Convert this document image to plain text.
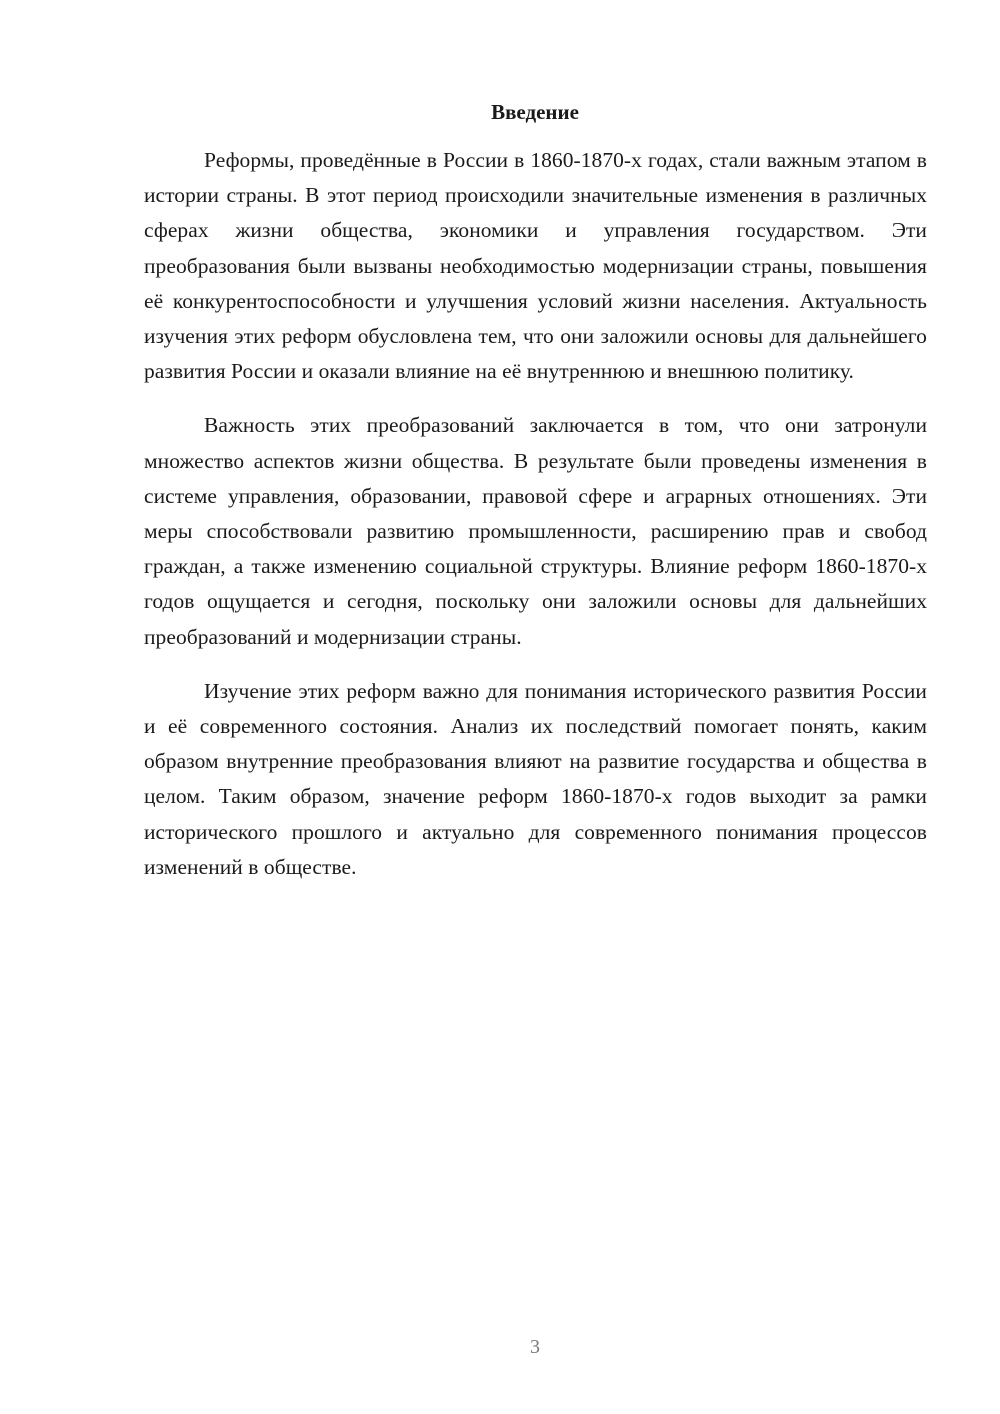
Введение

Реформы, проведённые в России в 1860-1870-х годах, стали важным этапом в истории страны. В этот период происходили значительные изменения в различных сферах жизни общества, экономики и управления государством. Эти преобразования были вызваны необходимостью модернизации страны, повышения её конкурентоспособности и улучшения условий жизни населения. Актуальность изучения этих реформ обусловлена тем, что они заложили основы для дальнейшего развития России и оказали влияние на её внутреннюю и внешнюю политику.

Важность этих преобразований заключается в том, что они затронули множество аспектов жизни общества. В результате были проведены изменения в системе управления, образовании, правовой сфере и аграрных отношениях. Эти меры способствовали развитию промышленности, расширению прав и свобод граждан, а также изменению социальной структуры. Влияние реформ 1860-1870-х годов ощущается и сегодня, поскольку они заложили основы для дальнейших преобразований и модернизации страны.

Изучение этих реформ важно для понимания исторического развития России и её современного состояния. Анализ их последствий помогает понять, каким образом внутренние преобразования влияют на развитие государства и общества в целом. Таким образом, значение реформ 1860-1870-х годов выходит за рамки исторического прошлого и актуально для современного понимания процессов изменений в обществе.

3
